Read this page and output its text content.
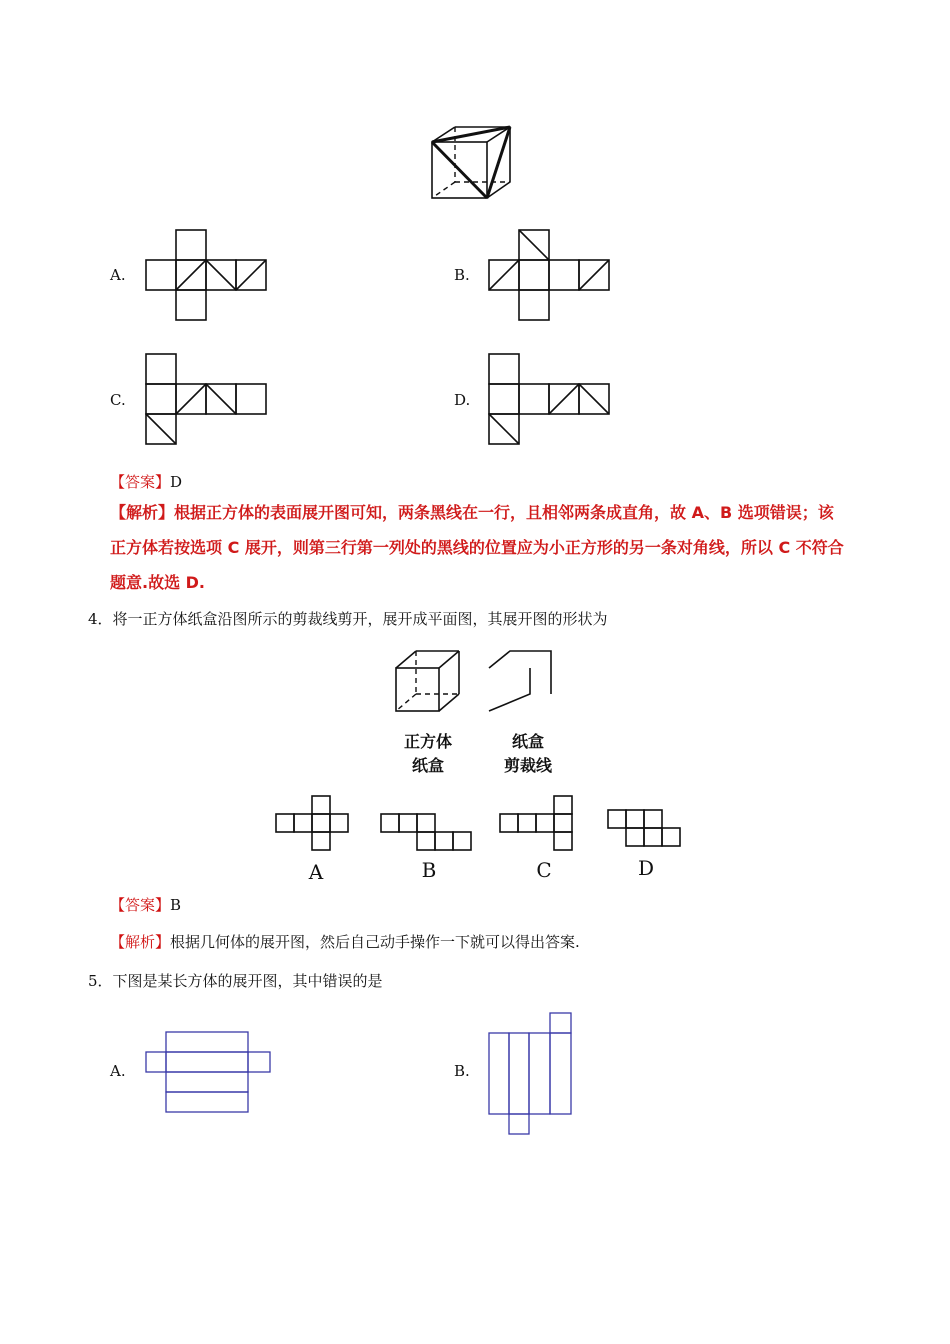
A.	B.
C.	D.
【答案】D
【解析】根据正方体的表面展开图可知，两条黑线在一行，且相邻两条成直角，故 A、B 选项错误；该
正方体若按选项 C 展开，则第三行第一列处的黑线的位置应为小正方形的另一条对角线，所以 C 不符合
题意.故选 D.
4．将一正方体纸盒沿图所示的剪裁线剪开，展开成平面图，其展开图的形状为
正方体
纸盒
纸盒
剪裁线
A	B	C	D
【答案】B
【解析】根据几何体的展开图，然后自己动手操作一下就可以得出答案.
5．下图是某长方体的展开图，其中错误的是
A.	B.
